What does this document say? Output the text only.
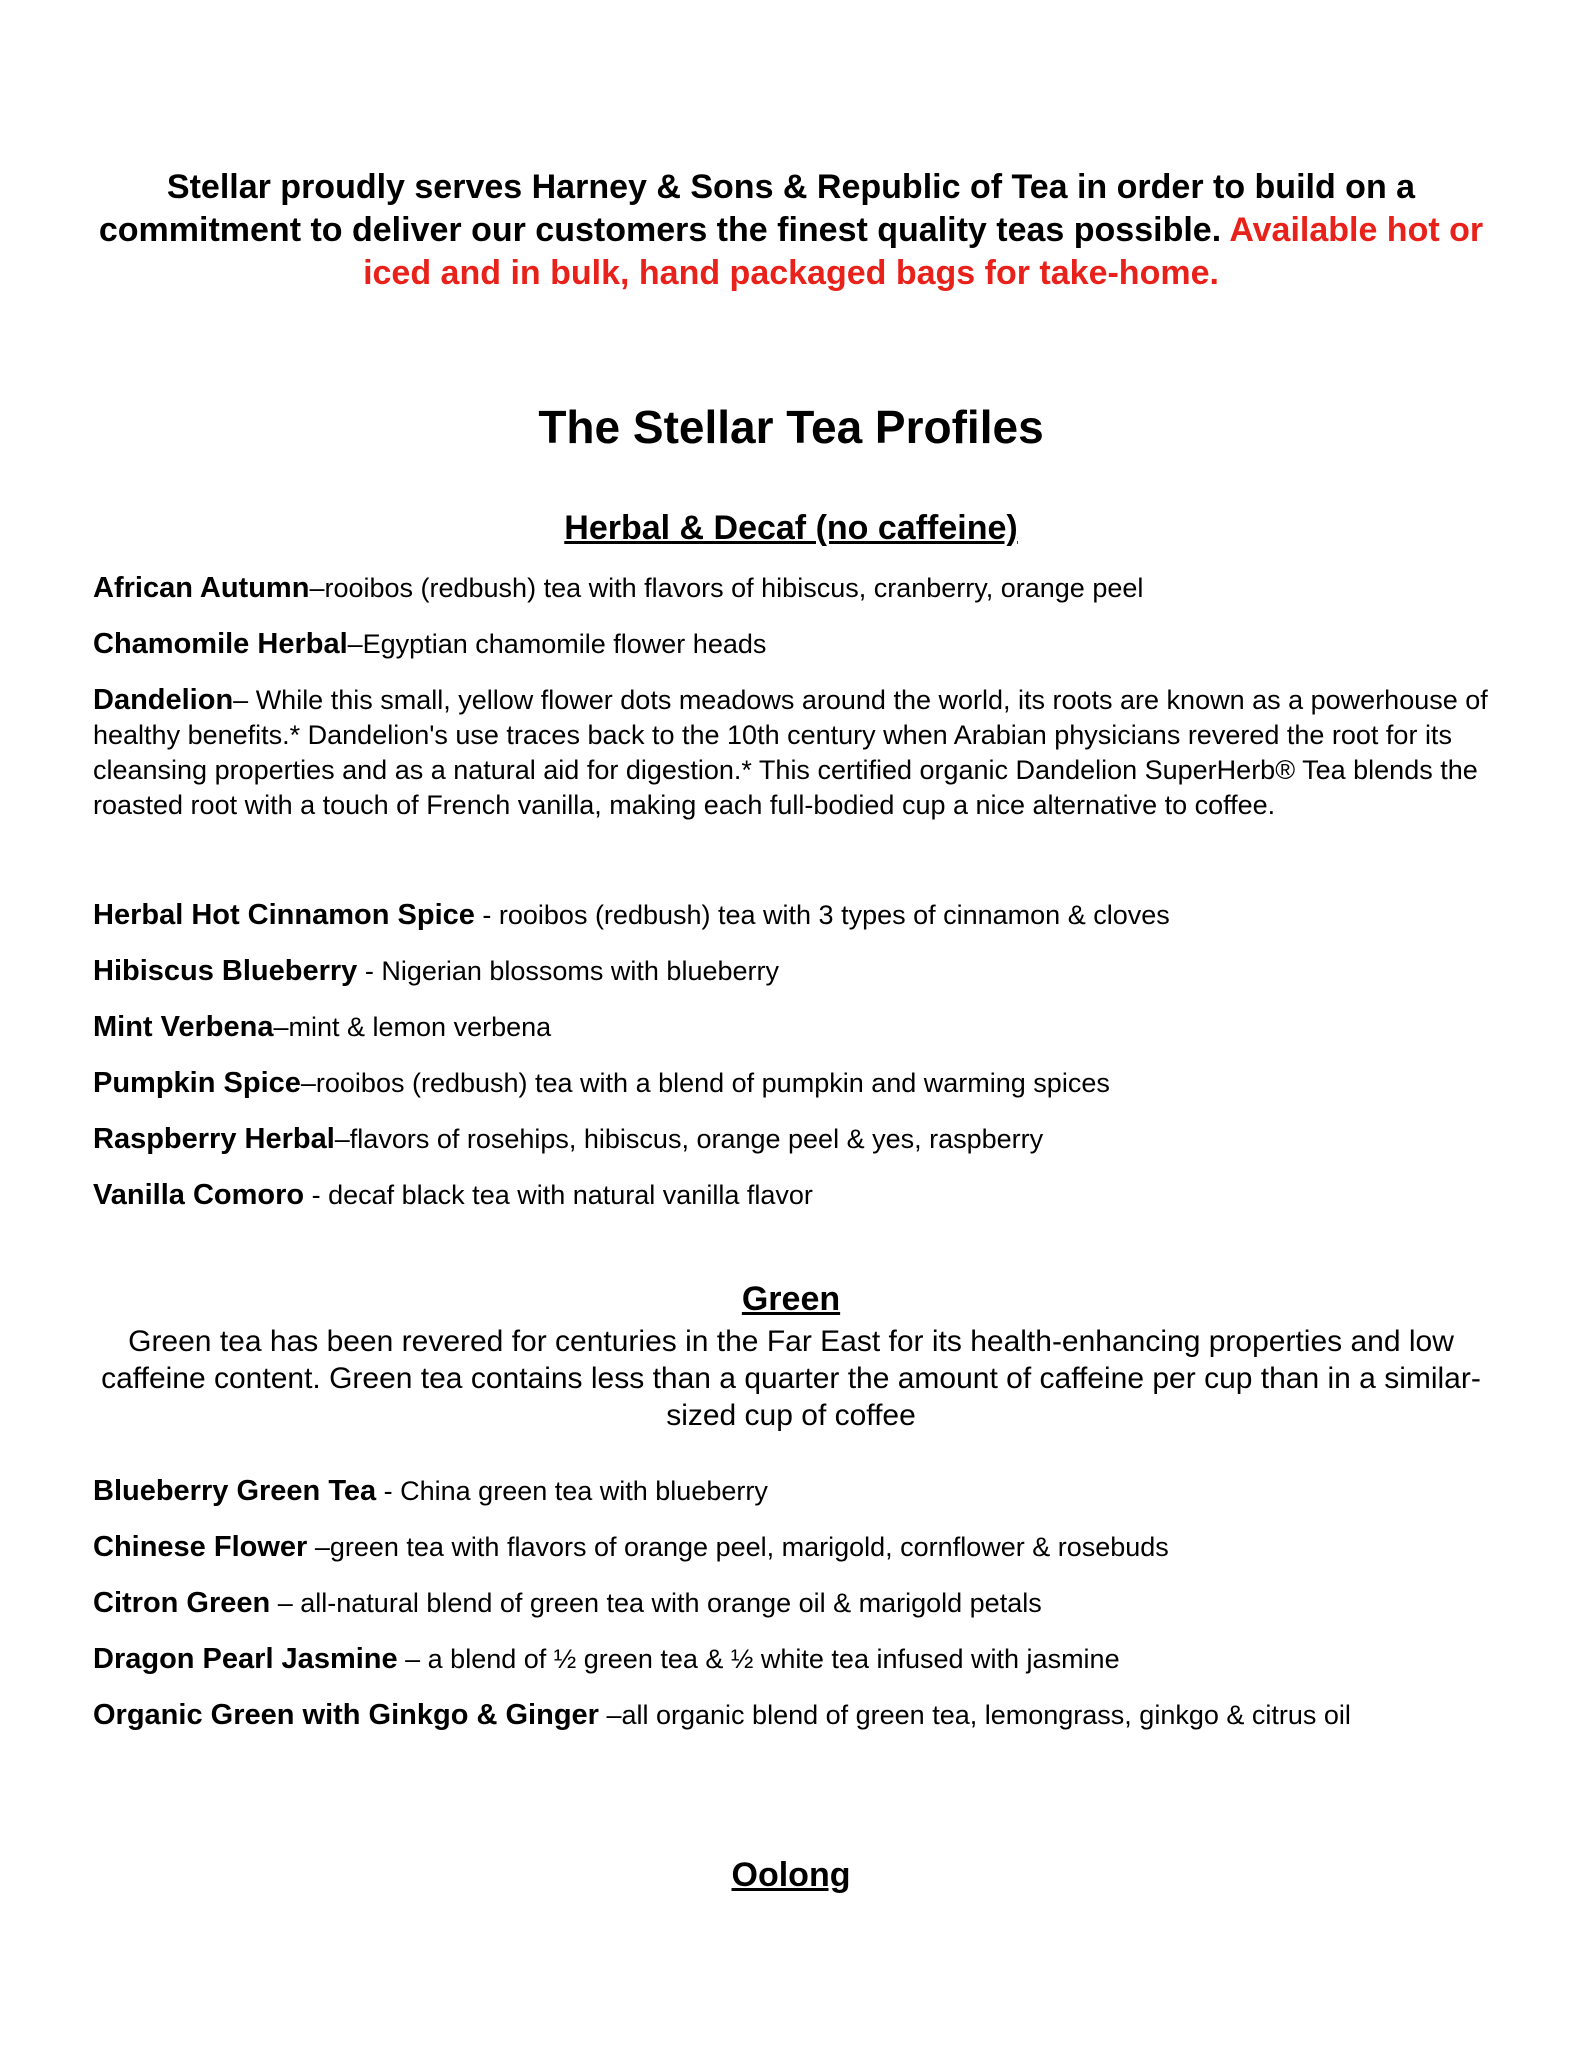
Stellar proudly serves Harney & Sons & Republic of Tea in order to build on a commitment to deliver our customers the finest quality teas possible. Available hot or iced and in bulk, hand packaged bags for take-home.

The Stellar Tea Profiles
Herbal & Decaf (no caffeine)
African Autumn–rooibos (redbush) tea with flavors of hibiscus, cranberry, orange peel
Chamomile Herbal–Egyptian chamomile flower heads
Dandelion– While this small, yellow flower dots meadows around the world, its roots are known as a powerhouse of healthy benefits.* Dandelion's use traces back to the 10th century when Arabian physicians revered the root for its cleansing properties and as a natural aid for digestion.* This certified organic Dandelion SuperHerb® Tea blends the roasted root with a touch of French vanilla, making each full-bodied cup a nice alternative to coffee.
Herbal Hot Cinnamon Spice - rooibos (redbush) tea with 3 types of cinnamon & cloves
Hibiscus Blueberry - Nigerian blossoms with blueberry
Mint Verbena–mint & lemon verbena
Pumpkin Spice–rooibos (redbush) tea with a blend of pumpkin and warming spices
Raspberry Herbal–flavors of rosehips, hibiscus, orange peel & yes, raspberry
Vanilla Comoro - decaf black tea with natural vanilla flavor
Green

Green tea has been revered for centuries in the Far East for its health-enhancing properties and low caffeine content. Green tea contains less than a quarter the amount of caffeine per cup than in a similar-sized cup of coffee

Blueberry Green Tea - China green tea with blueberry
Chinese Flower –green tea with flavors of orange peel, marigold, cornflower & rosebuds
Citron Green – all-natural blend of green tea with orange oil & marigold petals
Dragon Pearl Jasmine – a blend of ½ green tea & ½ white tea infused with jasmine
Organic Green with Ginkgo & Ginger –all organic blend of green tea, lemongrass, ginkgo & citrus oil
Oolong
